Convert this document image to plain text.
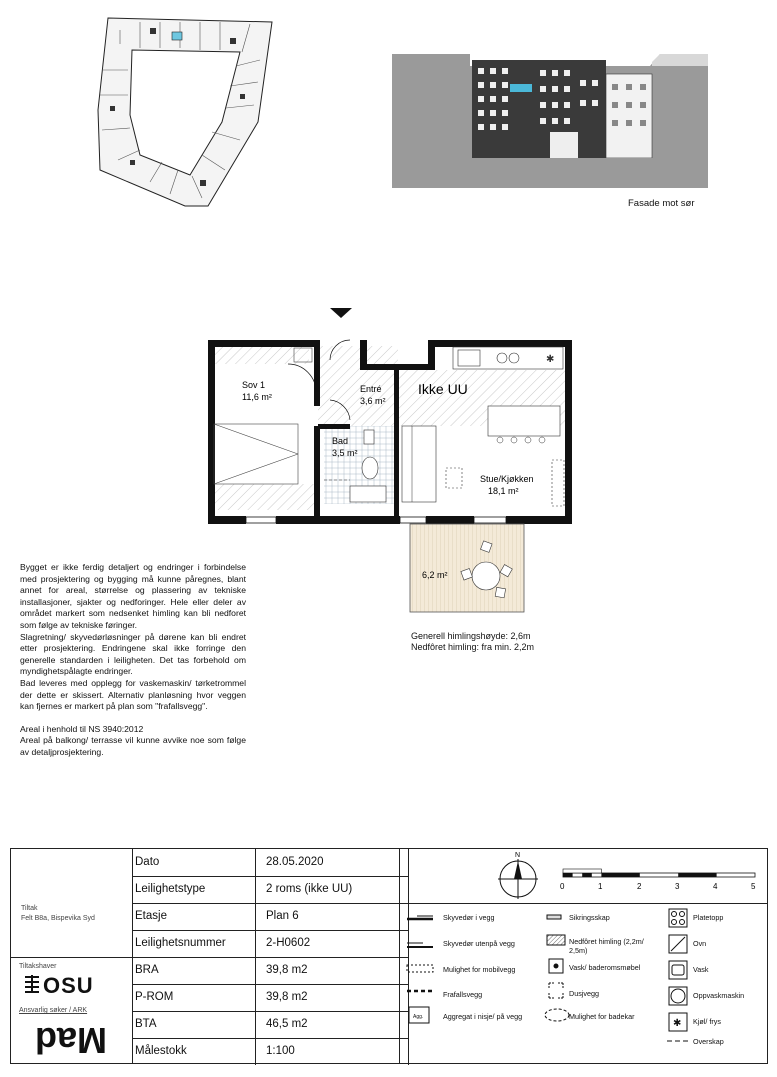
Fasade mot sør
✱
Sov 1
11,6 m²
Entré
3,6 m²
Bad
3,5 m²
Stue/Kjøkken
18,1 m²
6,2 m²
Ikke UU
Generell himlingshøyde: 2,6m
Nedfôret himling: fra min. 2,2m

Bygget er ikke ferdig detaljert og endringer i forbindelse med prosjektering og bygging må kunne påregnes, blant annet for areal, størrelse og plassering av tekniske installasjoner, sjakter og nedforinger. Hele eller deler av området markert som nedsenket himling kan bli nedforet som følge av tekniske føringer.

Slagretning/ skyvedørløsninger på dørene kan bli endret etter prosjektering. Endringene skal ikke forringe den generelle standarden i leiligheten. Det tas forbehold om myndighetspålagte endringer.

Bad leveres med opplegg for vaskemaskin/ tørketrommel der dette er skissert. Alternativ planløsning hvor veggen kan fjernes er markert på plan som "frafallsvegg".

Areal i henhold til NS 3940:2012

Areal på balkong/ terrasse vil kunne avvike noe som følge av detaljprosjektering.

Tiltak
Felt B8a, Bispevika Syd
Tiltakshaver
OSU
Ansvarlig søker / ARK
Mad
Dato	28.05.2020
Leilighetstype	2 roms (ikke UU)
Etasje	Plan 6
Leilighetsnummer	2-H0602
BRA	39,8 m2
P-ROM	39,8 m2
BTA	46,5 m2
Målestokk	1:100
N
0	1	2	3	4	5
Agg.
✱
Skyvedør i vegg
Skyvedør utenpå vegg
Mulighet for mobilvegg
Frafallsvegg
Aggregat i nisje/ på vegg
Sikringsskap
Nedfôret himling (2,2m/ 2,5m)
Vask/ baderomsmøbel
Dusjvegg
Mulighet for badekar
Platetopp
Ovn
Vask
Oppvaskmaskin
Kjøl/ frys
Overskap
